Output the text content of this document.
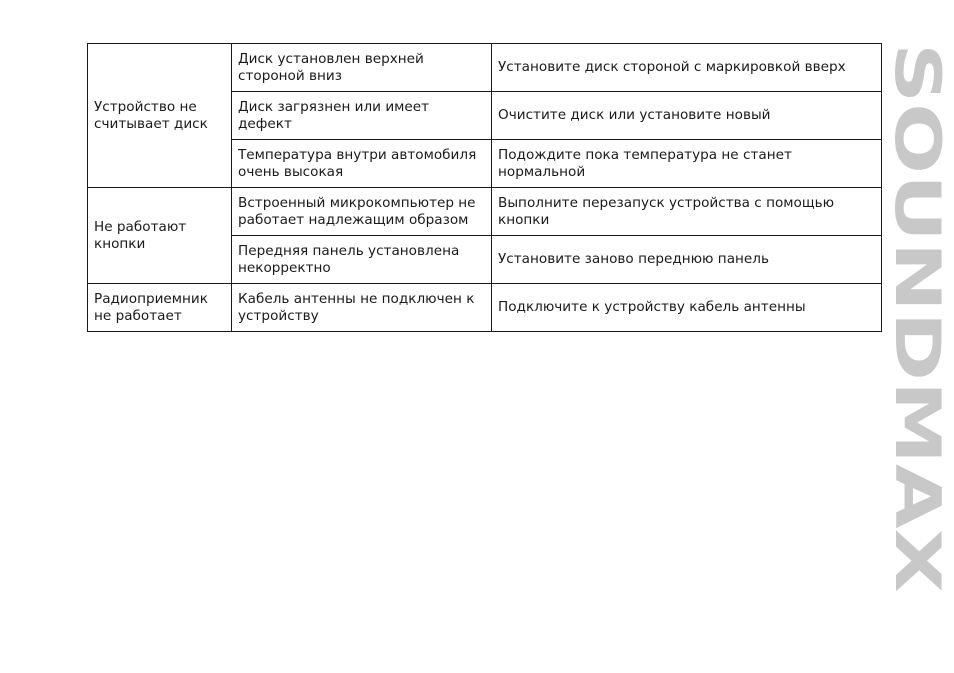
Устройство не считывает диск	Диск установлен верхней стороной вниз	Установите диск стороной с маркировкой вверх
	Диск загрязнен или имеет дефект	Очистите диск или установите новый
	Температура внутри автомобиля очень высокая	Подождите пока температура не станет нормальной
Не работают кнопки	Встроенный микрокомпьютер не работает надлежащим образом	Выполните перезапуск устройства с помощью кнопки
	Передняя панель установлена некорректно	Установите заново переднюю панель
Радиоприемник не работает	Кабель антенны не подключен к устройству	Подключите к устройству кабель антенны SOUNDMAX
